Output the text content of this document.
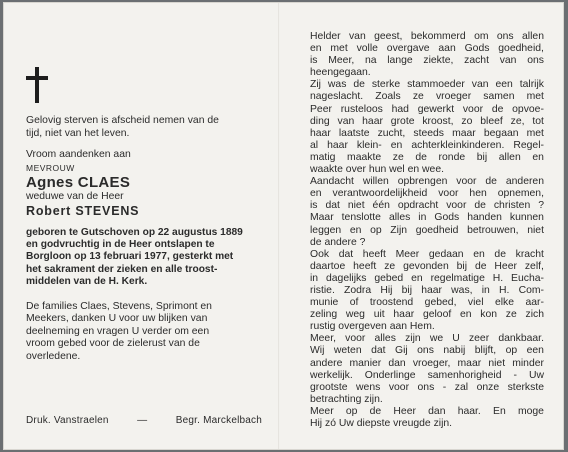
Gelovig sterven is afscheid nemen van de

tijd, niet van het leven.

Vroom aandenken aan

MEVROUW

Agnes CLAES

weduwe van de Heer

Robert STEVENS

geboren te Gutschoven op 22 augustus 1889
en godvruchtig in de Heer ontslapen te
Borgloon op 13 februari 1977, gesterkt met
het sakrament der zieken en alle troost-
middelen van de H. Kerk.
De families Claes, Stevens, Sprimont en
Meekers, danken U voor uw blijken van
deelneming en vragen U verder om een
vroom gebed voor de zielerust van de
overledene.
Druk. Vanstraelen	—	Begr. Marckelbach
Helder van geest, bekommerd om ons allen
en met volle overgave aan Gods goedheid,
is Meer, na lange ziekte, zacht van ons
heengegaan.
Zij was de sterke stammoeder van een talrijk
nageslacht. Zoals ze vroeger samen met
Peer rusteloos had gewerkt voor de opvoe-
ding van haar grote kroost, zo bleef ze, tot
haar laatste zucht, steeds maar begaan met
al haar klein- en achterkleinkinderen. Regel-
matig maakte ze de ronde bij allen en
waakte over hun wel en wee.
Aandacht willen opbrengen voor de anderen
en verantwoordelijkheid voor hen opnemen,
is dat niet één opdracht voor de christen ?
Maar tenslotte alles in Gods handen kunnen
leggen en op Zijn goedheid betrouwen, niet
de andere ?
Ook dat heeft Meer gedaan en de kracht
daartoe heeft ze gevonden bij de Heer zelf,
in dagelijks gebed en regelmatige H. Eucha-
ristie. Zodra Hij bij haar was, in H. Com-
munie of troostend gebed, viel elke aar-
zeling weg uit haar geloof en kon ze zich
rustig overgeven aan Hem.
Meer, voor alles zijn we U zeer dankbaar.
Wij weten dat Gij ons nabij blijft, op een
andere manier dan vroeger, maar niet minder
werkelijk. Onderlinge samenhorigheid - Uw
grootste wens voor ons - zal onze sterkste
betrachting zijn.
Meer op de Heer dan haar. En moge
Hij zó Uw diepste vreugde zijn.
